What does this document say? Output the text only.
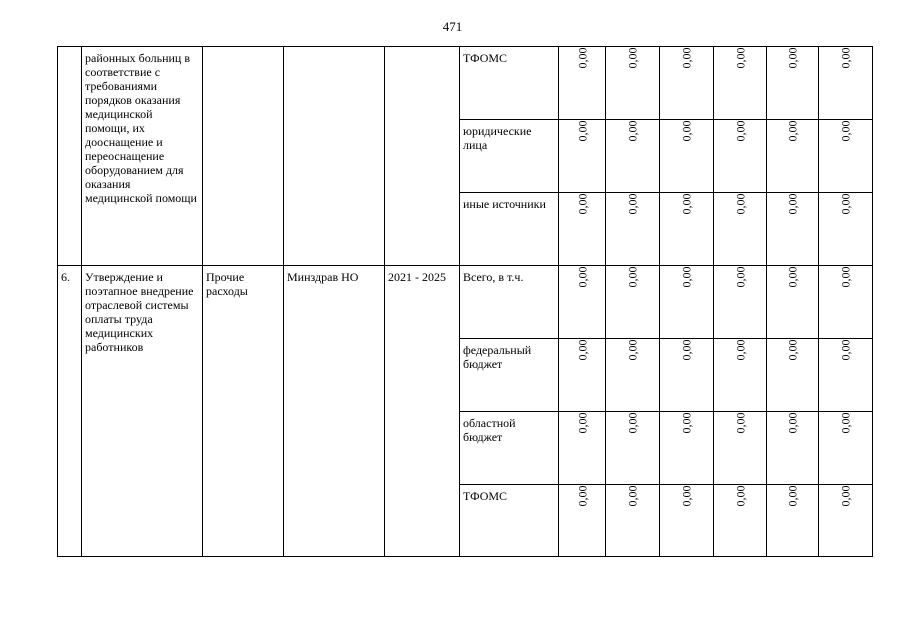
471
	районных больниц в соответствие с требованиями порядков оказания медицинской помощи, их дооснащение и переоснащение оборудованием для оказания медицинской помощи				ТФОМС	0,00	0,00	0,00	0,00	0,00	0,00
					юридические лица	0,00	0,00	0,00	0,00	0,00	0,00
					иные источники	0,00	0,00	0,00	0,00	0,00	0,00
6.	Утверждение и поэтапное внедрение отраслевой системы оплаты труда медицинских работников	Прочие расходы	Минздрав НО	2021 - 2025	Всего, в т.ч.	0,00	0,00	0,00	0,00	0,00	0,00
					федеральный бюджет	0,00	0,00	0,00	0,00	0,00	0,00
					областной бюджет	0,00	0,00	0,00	0,00	0,00	0,00
					ТФОМС	0,00	0,00	0,00	0,00	0,00	0,00
